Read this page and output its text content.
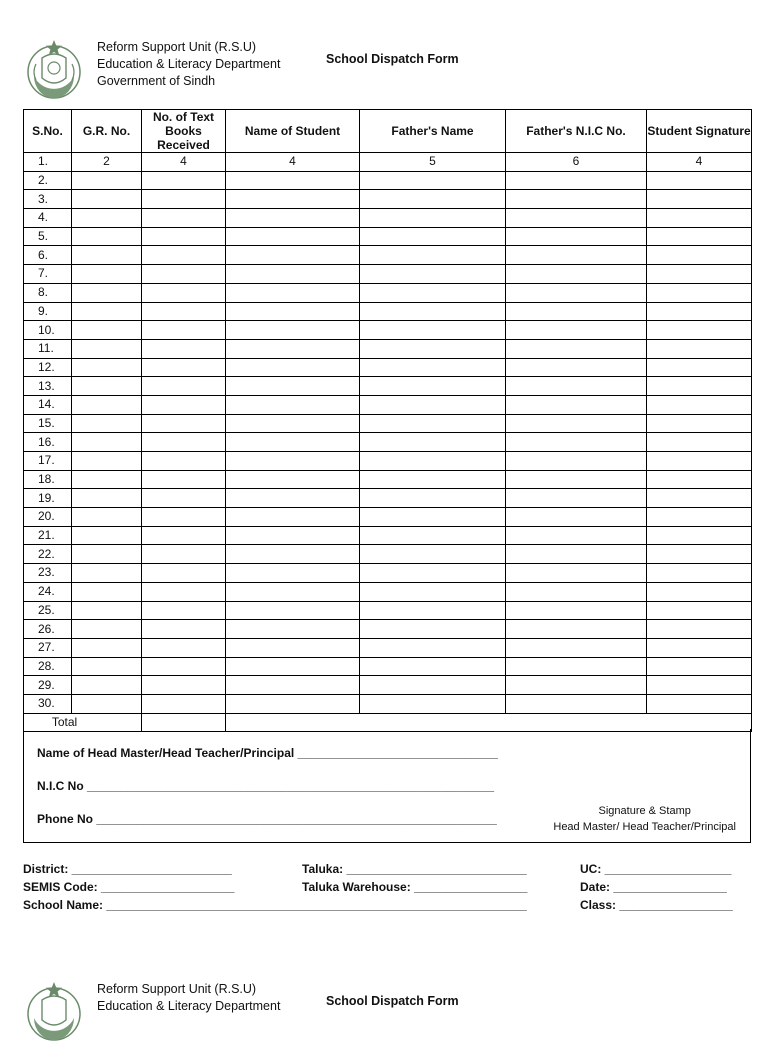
Reform Support Unit (R.S.U)
Education & Literacy Department
Government of Sindh
School Dispatch Form
S.No.	G.R. No.	No. of Text Books Received	Name of Student	Father's Name	Father's N.I.C No.	Student Signature
1.	2	4	4	5	6	4
2.						
3.						
4.						
5.						
6.						
7.						
8.						
9.						
10.						
11.						
12.						
13.						
14.						
15.						
16.						
17.						
18.						
19.						
20.						
21.						
22.						
23.						
24.						
25.						
26.						
27.						
28.						
29.						
30.						
Total						
Name of Head Master/Head Teacher/Principal ______________________________
N.I.C No _____________________________________________________________
Phone No ____________________________________________________________
Signature & Stamp
Head Master/ Head Teacher/Principal
District: ________________________	Taluka: ___________________________	UC: ___________________
SEMIS Code: ____________________	Taluka Warehouse: _________________	Date: _________________
School Name: _______________________________________________________________	Class: _________________
Reform Support Unit (R.S.U)
Education & Literacy Department	School Dispatch Form
